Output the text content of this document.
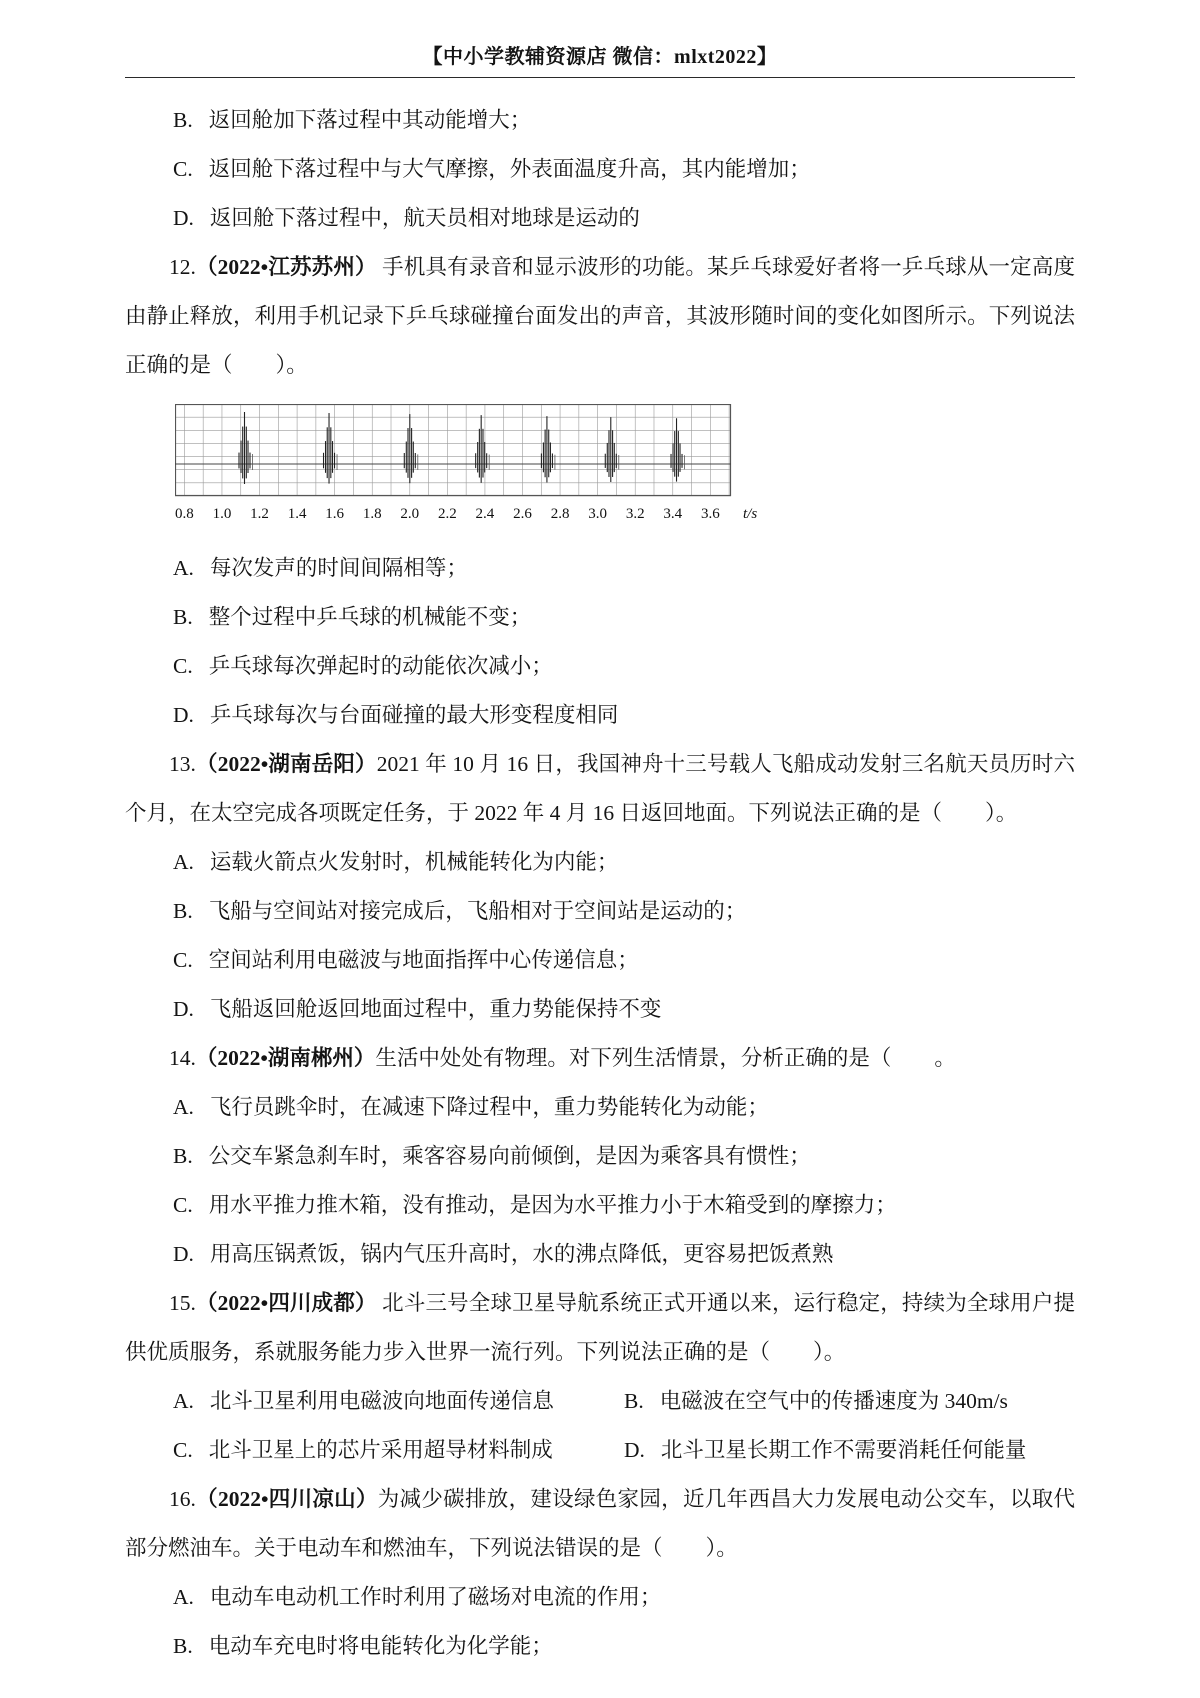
【中小学教辅资源店 微信：mlxt2022】
B. 返回舱加下落过程中其动能增大；
C. 返回舱下落过程中与大气摩擦，外表面温度升高，其内能增加；
D. 返回舱下落过程中，航天员相对地球是运动的

12.（2022•江苏苏州） 手机具有录音和显示波形的功能。某乒乓球爱好者将一乒乓球从一定高度由静止释放，利用手机记录下乒乓球碰撞台面发出的声音，其波形随时间的变化如图所示。下列说法正确的是（　　）。

0.8 1.0 1.2 1.4 1.6 1.8 2.0 2.2 2.4 2.6 2.8 3.0 3.2 3.4 3.6 t/s
A. 每次发声的时间间隔相等；
B. 整个过程中乒乓球的机械能不变；
C. 乒乓球每次弹起时的动能依次减小；
D. 乒乓球每次与台面碰撞的最大形变程度相同

13.（2022•湖南岳阳）2021 年 10 月 16 日，我国神舟十三号载人飞船成动发射三名航天员历时六个月，在太空完成各项既定任务，于 2022 年 4 月 16 日返回地面。下列说法正确的是（　　）。

A. 运载火箭点火发射时，机械能转化为内能；
B. 飞船与空间站对接完成后，飞船相对于空间站是运动的；
C. 空间站利用电磁波与地面指挥中心传递信息；
D. 飞船返回舱返回地面过程中，重力势能保持不变

14.（2022•湖南郴州）生活中处处有物理。对下列生活情景，分析正确的是（　　。

A. 飞行员跳伞时，在减速下降过程中，重力势能转化为动能；
B. 公交车紧急刹车时，乘客容易向前倾倒，是因为乘客具有惯性；
C. 用水平推力推木箱，没有推动，是因为水平推力小于木箱受到的摩擦力；
D. 用高压锅煮饭，锅内气压升高时，水的沸点降低，更容易把饭煮熟

15.（2022•四川成都） 北斗三号全球卫星导航系统正式开通以来，运行稳定，持续为全球用户提供优质服务，系就服务能力步入世界一流行列。下列说法正确的是（　　）。

A. 北斗卫星利用电磁波向地面传递信息	B. 电磁波在空气中的传播速度为 340m/s
C. 北斗卫星上的芯片采用超导材料制成	D. 北斗卫星长期工作不需要消耗任何能量

16.（2022•四川凉山）为减少碳排放，建设绿色家园，近几年西昌大力发展电动公交车，以取代部分燃油车。关于电动车和燃油车，下列说法错误的是（　　）。

A. 电动车电动机工作时利用了磁场对电流的作用；
B. 电动车充电时将电能转化为化学能；
